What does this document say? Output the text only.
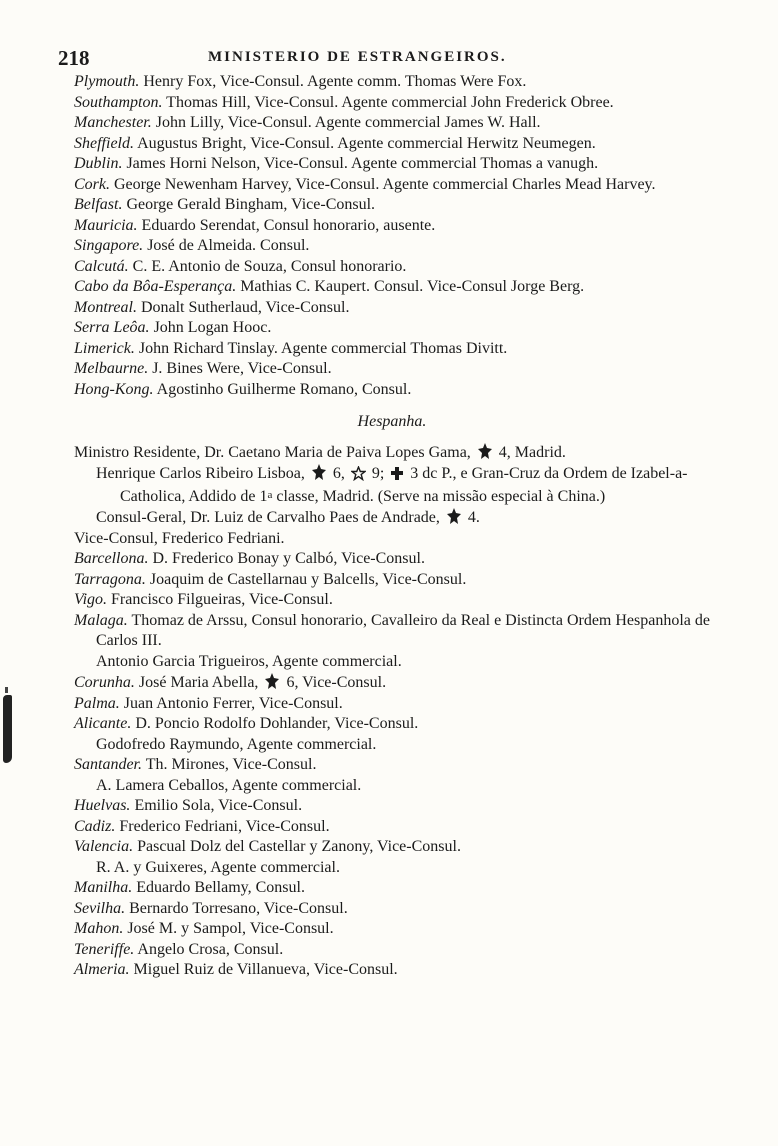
218	MINISTERIO DE ESTRANGEIROS.

Plymouth. Henry Fox, Vice-Consul. Agente comm. Thomas Were Fox.

Southampton. Thomas Hill, Vice-Consul. Agente commercial John Frederick Obree.

Manchester. John Lilly, Vice-Consul. Agente commercial James W. Hall.

Sheffield. Augustus Bright, Vice-Consul. Agente commercial Herwitz Neumegen.

Dublin. James Horni Nelson, Vice-Consul. Agente commercial Thomas a vanugh.

Cork. George Newenham Harvey, Vice-Consul. Agente commercial Charles Mead Harvey.

Belfast. George Gerald Bingham, Vice-Consul.

Mauricia. Eduardo Serendat, Consul honorario, ausente.

Singapore. José de Almeida. Consul.

Calcutá. C. E. Antonio de Souza, Consul honorario.

Cabo da Bôa-Esperança. Mathias C. Kaupert. Consul. Vice-Consul Jorge Berg.

Montreal. Donalt Sutherlaud, Vice-Consul.

Serra Leôa. John Logan Hooc.

Limerick. John Richard Tinslay. Agente commercial Thomas Divitt.

Melbaurne. J. Bines Were, Vice-Consul.

Hong-Kong. Agostinho Guilherme Romano, Consul.

Hespanha.

Ministro Residente, Dr. Caetano Maria de Paiva Lopes Gama, 4, Madrid.

Henrique Carlos Ribeiro Lisboa, 6, 9; 3 dc P., e Gran-Cruz da Ordem de Izabel-a-Catholica, Addido de 1a classe, Madrid. (Serve na missão especial à China.)

Consul-Geral, Dr. Luiz de Carvalho Paes de Andrade, 4.

Vice-Consul, Frederico Fedriani.

Barcellona. D. Frederico Bonay y Calbó, Vice-Consul.

Tarragona. Joaquim de Castellarnau y Balcells, Vice-Consul.

Vigo. Francisco Filgueiras, Vice-Consul.

Malaga. Thomaz de Arssu, Consul honorario, Cavalleiro da Real e Distincta Ordem Hespanhola de Carlos III.

Antonio Garcia Trigueiros, Agente commercial.

Corunha. José Maria Abella, 6, Vice-Consul.

Palma. Juan Antonio Ferrer, Vice-Consul.

Alicante. D. Poncio Rodolfo Dohlander, Vice-Consul.

Godofredo Raymundo, Agente commercial.

Santander. Th. Mirones, Vice-Consul.

A. Lamera Ceballos, Agente commercial.

Huelvas. Emilio Sola, Vice-Consul.

Cadiz. Frederico Fedriani, Vice-Consul.

Valencia. Pascual Dolz del Castellar y Zanony, Vice-Consul.

R. A. y Guixeres, Agente commercial.

Manilha. Eduardo Bellamy, Consul.

Sevilha. Bernardo Torresano, Vice-Consul.

Mahon. José M. y Sampol, Vice-Consul.

Teneriffe. Angelo Crosa, Consul.

Almeria. Miguel Ruiz de Villanueva, Vice-Consul.
